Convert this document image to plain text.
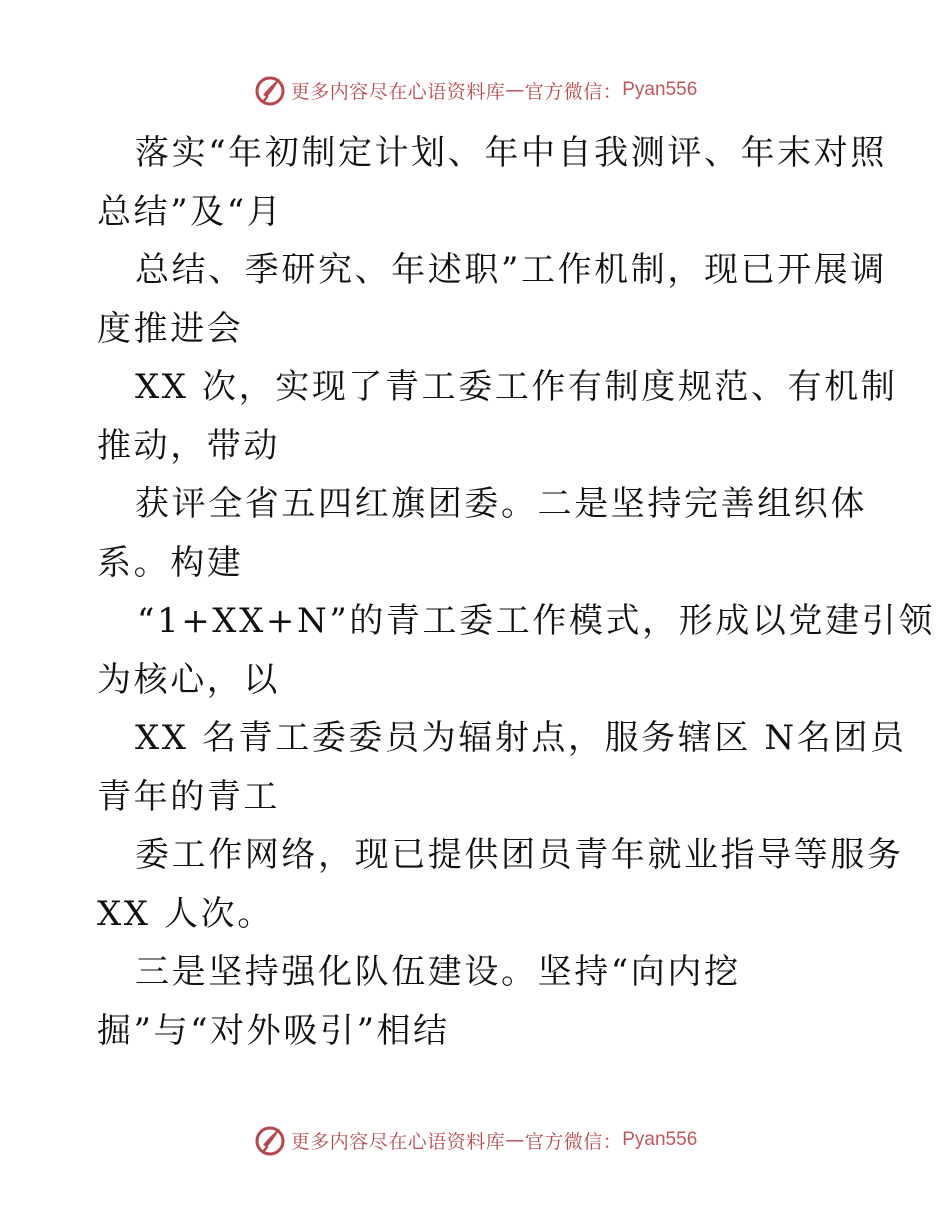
更多内容尽在心语资料库 — 官方微信： Pyan556
落实“年初制定计划、年中自我测评、年末对照
总结”及“月
总结、季研究、年述职”工作机制，现已开展调
度推进会
XX 次，实现了青工委工作有制度规范、有机制
推动，带动
获评全省五四红旗团委。二是坚持完善组织体
系。构建
“1+XX+N”的青工委工作模式，形成以党建引领
为核心，以
XX 名青工委委员为辐射点，服务辖区 N名团员
青年的青工
委工作网络，现已提供团员青年就业指导等服务
XX 人次。
三是坚持强化队伍建设。坚持“向内挖
掘”与“对外吸引”相结
更多内容尽在心语资料库 — 官方微信： Pyan556
